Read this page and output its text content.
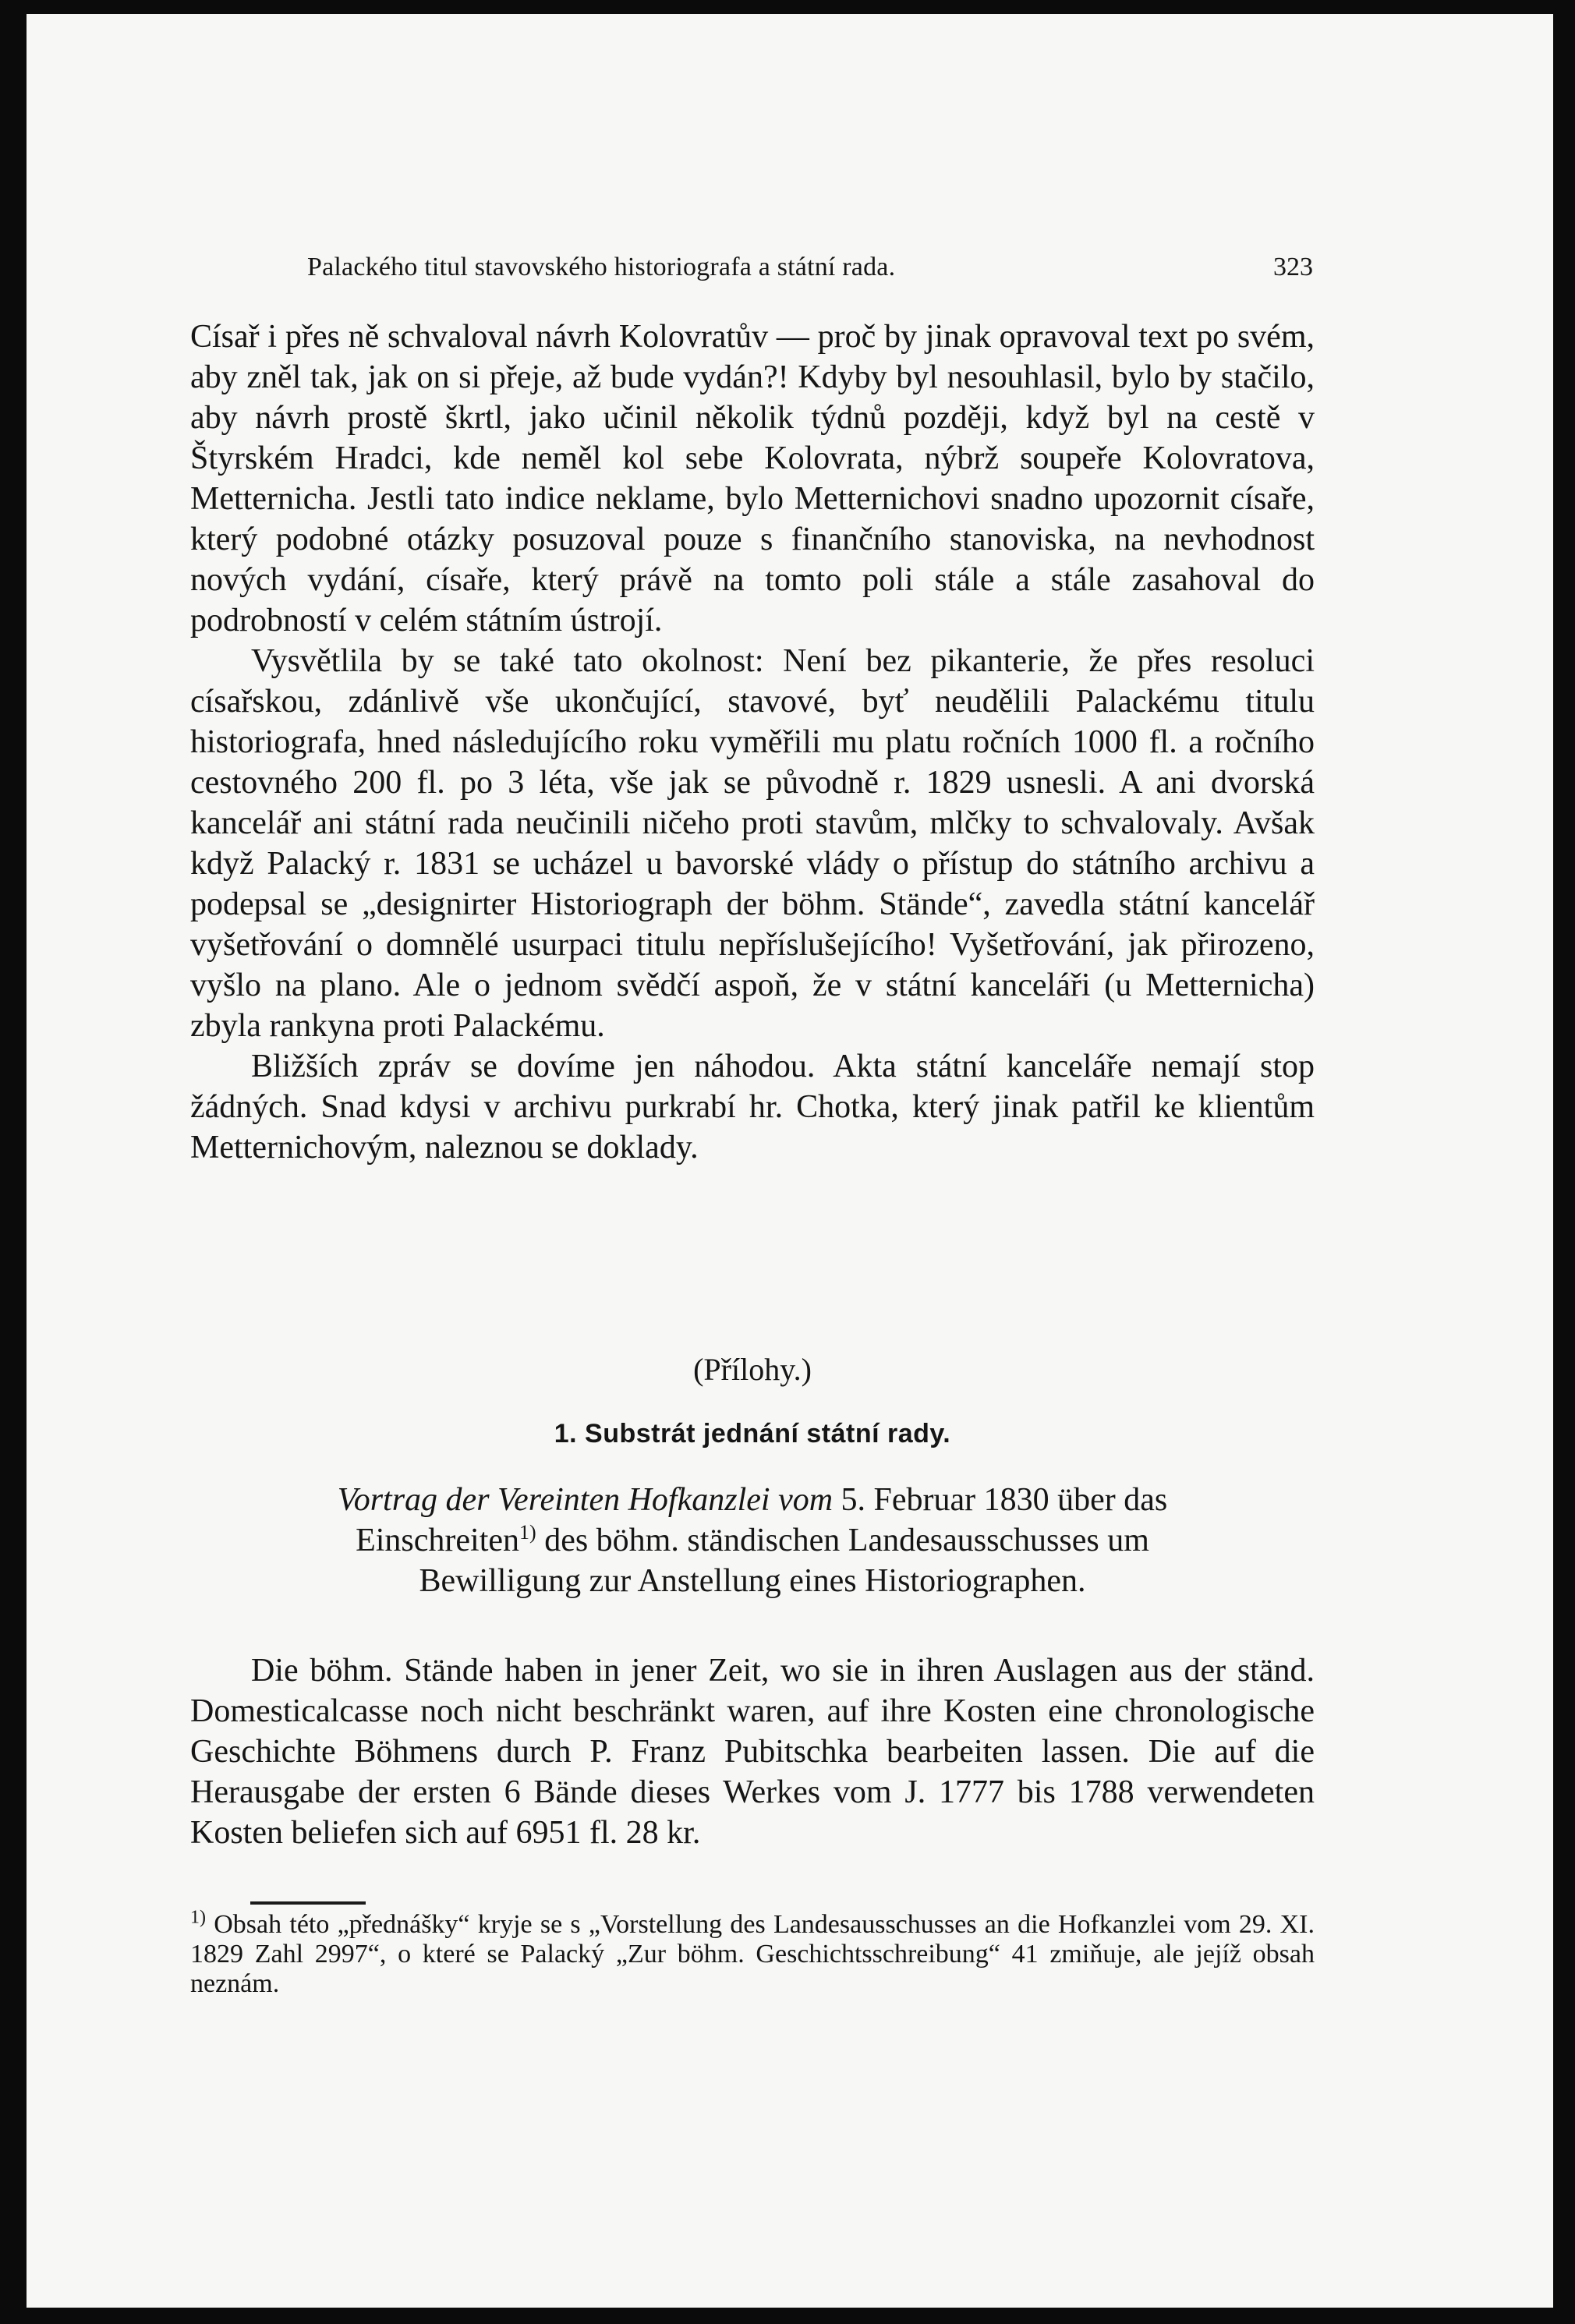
Palackého titul stavovského historiografa a státní rada.	323

Císař i přes ně schvaloval návrh Kolovratův — proč by jinak opravoval text po svém, aby zněl tak, jak on si přeje, až bude vydán?! Kdyby byl nesouhlasil, bylo by stačilo, aby návrh prostě škrtl, jako učinil několik týdnů později, když byl na cestě v Štyrském Hradci, kde neměl kol sebe Kolovrata, nýbrž soupeře Kolovratova, Metternicha. Jestli tato indice neklame, bylo Metternichovi snadno upozornit císaře, který podobné otázky posuzoval pouze s finančního stanoviska, na nevhodnost nových vydání, císaře, který právě na tomto poli stále a stále zasahoval do podrobností v celém státním ústrojí.

Vysvětlila by se také tato okolnost: Není bez pikanterie, že přes resoluci císařskou, zdánlivě vše ukončující, stavové, byť neudělili Palackému titulu historiografa, hned následujícího roku vyměřili mu platu ročních 1000 fl. a ročního cestovného 200 fl. po 3 léta, vše jak se původně r. 1829 usnesli. A ani dvorská kancelář ani státní rada neučinili ničeho proti stavům, mlčky to schvalovaly. Avšak když Palacký r. 1831 se ucházel u bavorské vlády o přístup do státního archivu a podepsal se „designirter Historiograph der böhm. Stände“, zavedla státní kancelář vyšetřování o domnělé usurpaci titulu nepříslušejícího! Vyšetřování, jak přirozeno, vyšlo na plano. Ale o jednom svědčí aspoň, že v státní kanceláři (u Metternicha) zbyla rankyna proti Palackému.

Bližších zpráv se dovíme jen náhodou. Akta státní kanceláře nemají stop žádných. Snad kdysi v archivu purkrabí hr. Chotka, který jinak patřil ke klientům Metternichovým, naleznou se doklady.

(Přílohy.)
1. Substrát jednání státní rady.
Vortrag der Vereinten Hofkanzlei vom 5. Februar 1830 über das Einschreiten$^{1)}$ des böhm. ständischen Landesausschusses um Bewilligung zur Anstellung eines Historiographen.

Die böhm. Stände haben in jener Zeit, wo sie in ihren Auslagen aus der ständ. Domesticalcasse noch nicht beschränkt waren, auf ihre Kosten eine chronologische Geschichte Böhmens durch P. Franz Pubitschka bearbeiten lassen. Die auf die Herausgabe der ersten 6 Bände dieses Werkes vom J. 1777 bis 1788 verwendeten Kosten beliefen sich auf 6951 fl. 28 kr.

$^{1)}$ Obsah této „přednášky“ kryje se s „Vorstellung des Landesausschusses an die Hofkanzlei vom 29. XI. 1829 Zahl 2997“, o které se Palacký „Zur böhm. Geschichtsschreibung“ 41 zmiňuje, ale jejíž obsah neznám.
